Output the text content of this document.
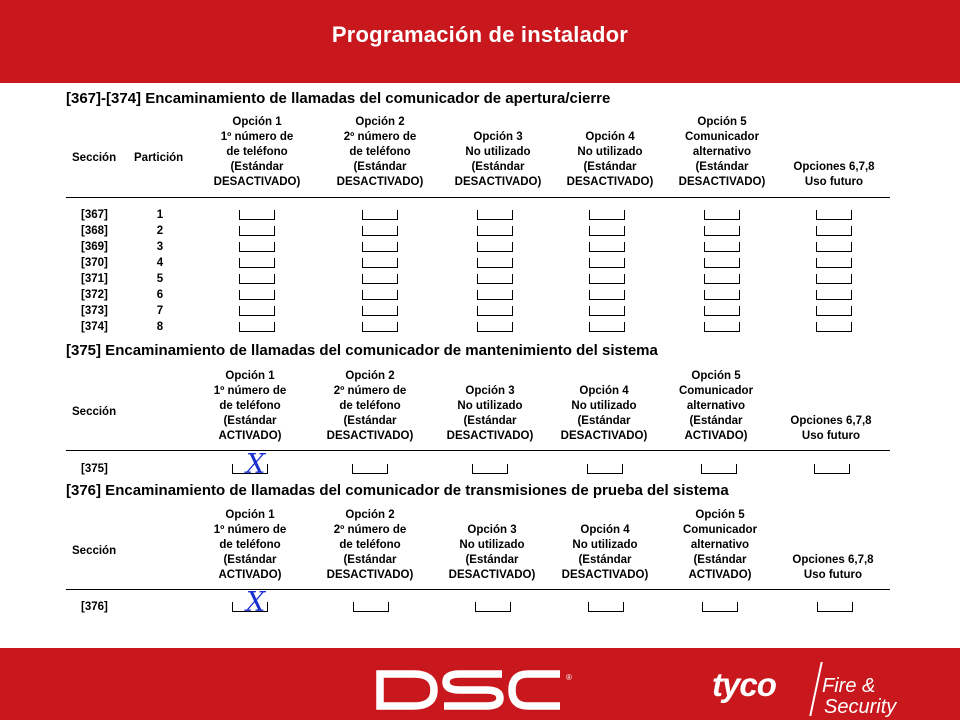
Programación de instalador
[367]-[374] Encaminamiento de llamadas del comunicador de apertura/cierre
Sección Partición
Opción 1
1º número de
de teléfono
(Estándar
DESACTIVADO)
Opción 2
2º número de
de teléfono
(Estándar
DESACTIVADO)
Opción 3
No utilizado
(Estándar
DESACTIVADO)
Opción 4
No utilizado
(Estándar
DESACTIVADO)
Opción 5
Comunicador
alternativo
(Estándar
DESACTIVADO)
Opciones 6,7,8
Uso futuro
[367]	1
[368]	2
[369]	3
[370]	4
[371]	5
[372]	6
[373]	7
[374]	8
[375] Encaminamiento de llamadas del comunicador de mantenimiento del sistema
Sección
Opción 1
1º número de
de teléfono
(Estándar
ACTIVADO)
Opción 2
2º número de
de teléfono
(Estándar
DESACTIVADO)
Opción 3
No utilizado
(Estándar
DESACTIVADO)
Opción 4
No utilizado
(Estándar
DESACTIVADO)
Opción 5
Comunicador
alternativo
(Estándar
ACTIVADO)
Opciones 6,7,8
Uso futuro
[375]	X
[376] Encaminamiento de llamadas del comunicador de transmisiones de prueba del sistema
Sección
Opción 1
1º número de
de teléfono
(Estándar
ACTIVADO)
Opción 2
2º número de
de teléfono
(Estándar
DESACTIVADO)
Opción 3
No utilizado
(Estándar
DESACTIVADO)
Opción 4
No utilizado
(Estándar
DESACTIVADO)
Opción 5
Comunicador
alternativo
(Estándar
ACTIVADO)
Opciones 6,7,8
Uso futuro
[376]	X
®	tyco Fire &
Security
